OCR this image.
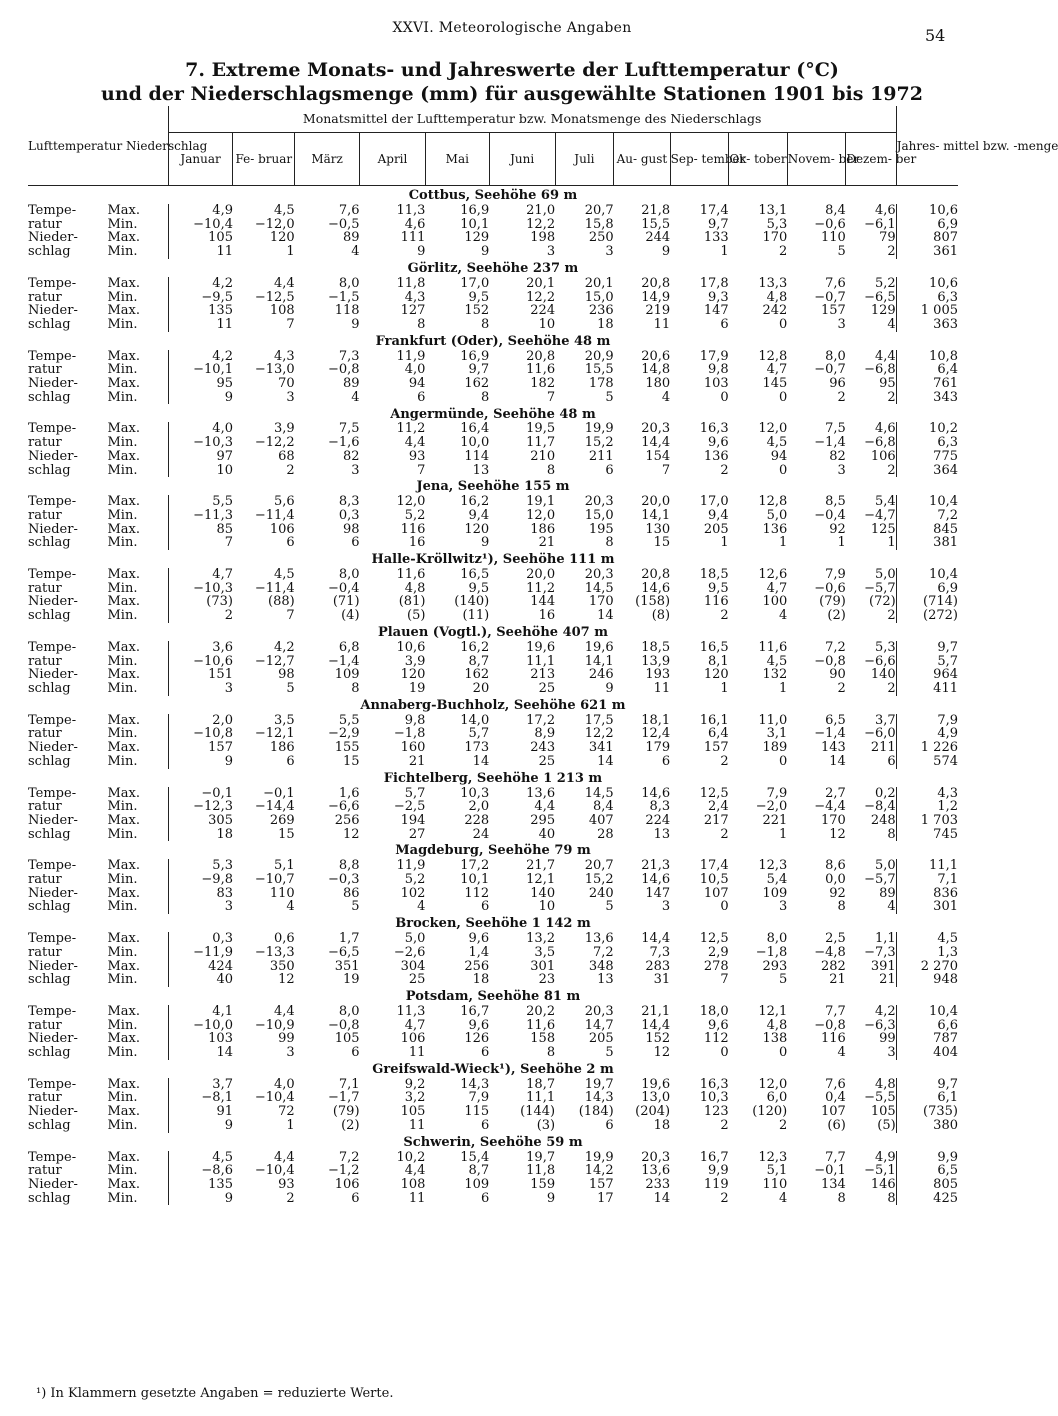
XXVI. Meteorologische Angaben	54
7. Extreme Monats- und Jahreswerte der Lufttemperatur (°C)
und der Niederschlagsmenge (mm) für ausgewählte Stationen 1901 bis 1972
Lufttemperatur Niederschlag		Monatsmittel der Lufttemperatur bzw. Monatsmenge des Niederschlags												Jahres- mittel bzw. -menge
		Januar	Fe- bruar	März	April	Mai	Juni	Juli	Au- gust	Sep- tember	Ok- tober	Novem- ber	Dezem- ber	
Cottbus, Seehöhe 69 m														
Tempe-	Max.	4,9	4,5	7,6	11,3	16,9	21,0	20,7	21,8	17,4	13,1	8,4	4,6	10,6
ratur	Min.	−10,4	−12,0	−0,5	4,6	10,1	12,2	15,8	15,5	9,7	5,3	−0,6	−6,1	6,9
Nieder-	Max.	105	120	89	111	129	198	250	244	133	170	110	79	807
schlag	Min.	11	1	4	9	9	3	3	9	1	2	5	2	361
Görlitz, Seehöhe 237 m														
Tempe-	Max.	4,2	4,4	8,0	11,8	17,0	20,1	20,1	20,8	17,8	13,3	7,6	5,2	10,6
ratur	Min.	−9,5	−12,5	−1,5	4,3	9,5	12,2	15,0	14,9	9,3	4,8	−0,7	−6,5	6,3
Nieder-	Max.	135	108	118	127	152	224	236	219	147	242	157	129	1 005
schlag	Min.	11	7	9	8	8	10	18	11	6	0	3	4	363
Frankfurt (Oder), Seehöhe 48 m														
Tempe-	Max.	4,2	4,3	7,3	11,9	16,9	20,8	20,9	20,6	17,9	12,8	8,0	4,4	10,8
ratur	Min.	−10,1	−13,0	−0,8	4,0	9,7	11,6	15,5	14,8	9,8	4,7	−0,7	−6,8	6,4
Nieder-	Max.	95	70	89	94	162	182	178	180	103	145	96	95	761
schlag	Min.	9	3	4	6	8	7	5	4	0	0	2	2	343
Angermünde, Seehöhe 48 m														
Tempe-	Max.	4,0	3,9	7,5	11,2	16,4	19,5	19,9	20,3	16,3	12,0	7,5	4,6	10,2
ratur	Min.	−10,3	−12,2	−1,6	4,4	10,0	11,7	15,2	14,4	9,6	4,5	−1,4	−6,8	6,3
Nieder-	Max.	97	68	82	93	114	210	211	154	136	94	82	106	775
schlag	Min.	10	2	3	7	13	8	6	7	2	0	3	2	364
Jena, Seehöhe 155 m														
Tempe-	Max.	5,5	5,6	8,3	12,0	16,2	19,1	20,3	20,0	17,0	12,8	8,5	5,4	10,4
ratur	Min.	−11,3	−11,4	0,3	5,2	9,4	12,0	15,0	14,1	9,4	5,0	−0,4	−4,7	7,2
Nieder-	Max.	85	106	98	116	120	186	195	130	205	136	92	125	845
schlag	Min.	7	6	6	16	9	21	8	15	1	1	1	1	381
Halle-Kröllwitz¹), Seehöhe 111 m														
Tempe-	Max.	4,7	4,5	8,0	11,6	16,5	20,0	20,3	20,8	18,5	12,6	7,9	5,0	10,4
ratur	Min.	−10,3	−11,4	−0,4	4,8	9,5	11,2	14,5	14,6	9,5	4,7	−0,6	−5,7	6,9
Nieder-	Max.	(73)	(88)	(71)	(81)	(140)	144	170	(158)	116	100	(79)	(72)	(714)
schlag	Min.	2	7	(4)	(5)	(11)	16	14	(8)	2	4	(2)	2	(272)
Plauen (Vogtl.), Seehöhe 407 m														
Tempe-	Max.	3,6	4,2	6,8	10,6	16,2	19,6	19,6	18,5	16,5	11,6	7,2	5,3	9,7
ratur	Min.	−10,6	−12,7	−1,4	3,9	8,7	11,1	14,1	13,9	8,1	4,5	−0,8	−6,6	5,7
Nieder-	Max.	151	98	109	120	162	213	246	193	120	132	90	140	964
schlag	Min.	3	5	8	19	20	25	9	11	1	1	2	2	411
Annaberg-Buchholz, Seehöhe 621 m														
Tempe-	Max.	2,0	3,5	5,5	9,8	14,0	17,2	17,5	18,1	16,1	11,0	6,5	3,7	7,9
ratur	Min.	−10,8	−12,1	−2,9	−1,8	5,7	8,9	12,2	12,4	6,4	3,1	−1,4	−6,0	4,9
Nieder-	Max.	157	186	155	160	173	243	341	179	157	189	143	211	1 226
schlag	Min.	9	6	15	21	14	25	14	6	2	0	14	6	574
Fichtelberg, Seehöhe 1 213 m														
Tempe-	Max.	−0,1	−0,1	1,6	5,7	10,3	13,6	14,5	14,6	12,5	7,9	2,7	0,2	4,3
ratur	Min.	−12,3	−14,4	−6,6	−2,5	2,0	4,4	8,4	8,3	2,4	−2,0	−4,4	−8,4	1,2
Nieder-	Max.	305	269	256	194	228	295	407	224	217	221	170	248	1 703
schlag	Min.	18	15	12	27	24	40	28	13	2	1	12	8	745
Magdeburg, Seehöhe 79 m														
Tempe-	Max.	5,3	5,1	8,8	11,9	17,2	21,7	20,7	21,3	17,4	12,3	8,6	5,0	11,1
ratur	Min.	−9,8	−10,7	−0,3	5,2	10,1	12,1	15,2	14,6	10,5	5,4	0,0	−5,7	7,1
Nieder-	Max.	83	110	86	102	112	140	240	147	107	109	92	89	836
schlag	Min.	3	4	5	4	6	10	5	3	0	3	8	4	301
Brocken, Seehöhe 1 142 m														
Tempe-	Max.	0,3	0,6	1,7	5,0	9,6	13,2	13,6	14,4	12,5	8,0	2,5	1,1	4,5
ratur	Min.	−11,9	−13,3	−6,5	−2,6	1,4	3,5	7,2	7,3	2,9	−1,8	−4,8	−7,3	1,3
Nieder-	Max.	424	350	351	304	256	301	348	283	278	293	282	391	2 270
schlag	Min.	40	12	19	25	18	23	13	31	7	5	21	21	948
Potsdam, Seehöhe 81 m														
Tempe-	Max.	4,1	4,4	8,0	11,3	16,7	20,2	20,3	21,1	18,0	12,1	7,7	4,2	10,4
ratur	Min.	−10,0	−10,9	−0,8	4,7	9,6	11,6	14,7	14,4	9,6	4,8	−0,8	−6,3	6,6
Nieder-	Max.	103	99	105	106	126	158	205	152	112	138	116	99	787
schlag	Min.	14	3	6	11	6	8	5	12	0	0	4	3	404
Greifswald-Wieck¹), Seehöhe 2 m														
Tempe-	Max.	3,7	4,0	7,1	9,2	14,3	18,7	19,7	19,6	16,3	12,0	7,6	4,8	9,7
ratur	Min.	−8,1	−10,4	−1,7	3,2	7,9	11,1	14,3	13,0	10,3	6,0	0,4	−5,5	6,1
Nieder-	Max.	91	72	(79)	105	115	(144)	(184)	(204)	123	(120)	107	105	(735)
schlag	Min.	9	1	(2)	11	6	(3)	6	18	2	2	(6)	(5)	380
Schwerin, Seehöhe 59 m														
Tempe-	Max.	4,5	4,4	7,2	10,2	15,4	19,7	19,9	20,3	16,7	12,3	7,7	4,9	9,9
ratur	Min.	−8,6	−10,4	−1,2	4,4	8,7	11,8	14,2	13,6	9,9	5,1	−0,1	−5,1	6,5
Nieder-	Max.	135	93	106	108	109	159	157	233	119	110	134	146	805
schlag	Min.	9	2	6	11	6	9	17	14	2	4	8	8	425
¹) In Klammern gesetzte Angaben = reduzierte Werte.
